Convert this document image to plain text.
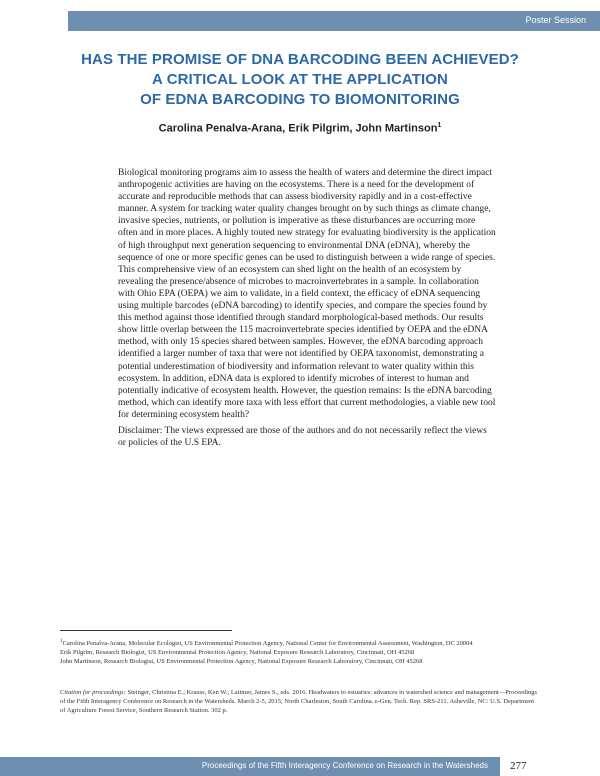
Poster Session
HAS THE PROMISE OF DNA BARCODING BEEN ACHIEVED?
A CRITICAL LOOK AT THE APPLICATION
OF EDNA BARCODING TO BIOMONITORING
Carolina Penalva-Arana, Erik Pilgrim, John Martinson$^1$

Biological monitoring programs aim to assess the health of waters and determine the direct impact anthropogenic activities are having on the ecosystems. There is a need for the development of accurate and reproducible methods that can assess biodiversity rapidly and in a cost-effective manner. A system for tracking water quality changes brought on by such things as climate change, invasive species, nutrients, or pollution is imperative as these disturbances are occurring more often and in more places. A highly touted new strategy for evaluating biodiversity is the application of high throughput next generation sequencing to environmental DNA (eDNA), whereby the sequence of one or more specific genes can be used to distinguish between a wide range of species. This comprehensive view of an ecosystem can shed light on the health of an ecosystem by revealing the presence/absence of microbes to macroinvertebrates in a sample. In collaboration with Ohio EPA (OEPA) we aim to validate, in a field context, the efficacy of eDNA sequencing using multiple barcodes (eDNA barcoding) to identify species, and compare the species found by this method against those identified through standard morphological-based methods. Our results show little overlap between the 115 macroinvertebrate species identified by OEPA and the eDNA method, with only 15 species shared between samples. However, the eDNA barcoding approach identified a larger number of taxa that were not identified by OEPA taxonomist, demonstrating a potential underestimation of biodiversity and information relevant to water quality within this ecosystem. In addition, eDNA data is explored to identify microbes of interest to human and potentially indicative of ecosystem health. However, the question remains: Is the eDNA barcoding method, which can identify more taxa with less effort that current methodologies, a viable new tool for determining ecosystem health?

Disclaimer: The views expressed are those of the authors and do not necessarily reflect the views or policies of the U.S EPA.

$^1$Carolina Penalva-Arana, Molecular Ecologist, US Environmental Protection Agency, National Center for Environmental Assessment, Washington, DC 20004
Erik Pilgrim, Research Biologist, US Environmental Protection Agency, National Exposure Research Laboratory, Cincinnati, OH 45268
John Martinson, Research Biologist, US Environmental Protection Agency, National Exposure Research Laboratory, Cincinnati, OH 45268
Citation for proceedings: Steinger, Christina E.; Krauss, Ken W.; Latimer, James S., eds. 2016. Headwaters to estuaries: advances in watershed science and management—Proceedings of the Fifth Interagency Conference on Research in the Watersheds. March 2-5, 2015, North Charleston, South Carolina. e-Gen. Tech. Rep. SRS-211. Asheville, NC: U.S. Department of Agriculture Forest Service, Southern Research Station. 302 p.
Proceedings of the Fifth Interagency Conference on Research in the Watersheds 277
